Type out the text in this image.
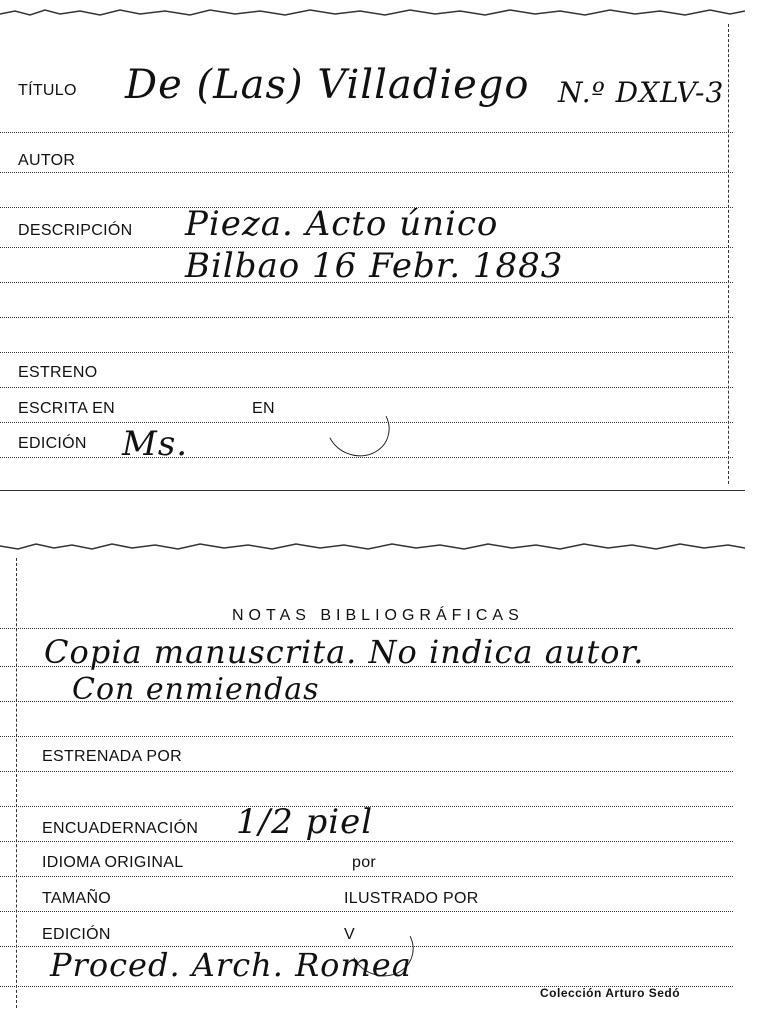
TÍTULO De (Las) Villadiego N.º DXLV-3
AUTOR
DESCRIPCIÓN Pieza. Acto único
Bilbao 16 Febr. 1883
ESTRENO
ESCRITA EN	EN
EDICIÓN Ms.
NOTAS BIBLIOGRÁFICAS
Copia manuscrita. No indica autor.
Con enmiendas
ESTRENADA POR
ENCUADERNACIÓN 1/2 piel
IDIOMA ORIGINAL	por
TAMAÑO	ILUSTRADO POR
EDICIÓN	V
Proced. Arch. Romea
Colección Arturo Sedó
